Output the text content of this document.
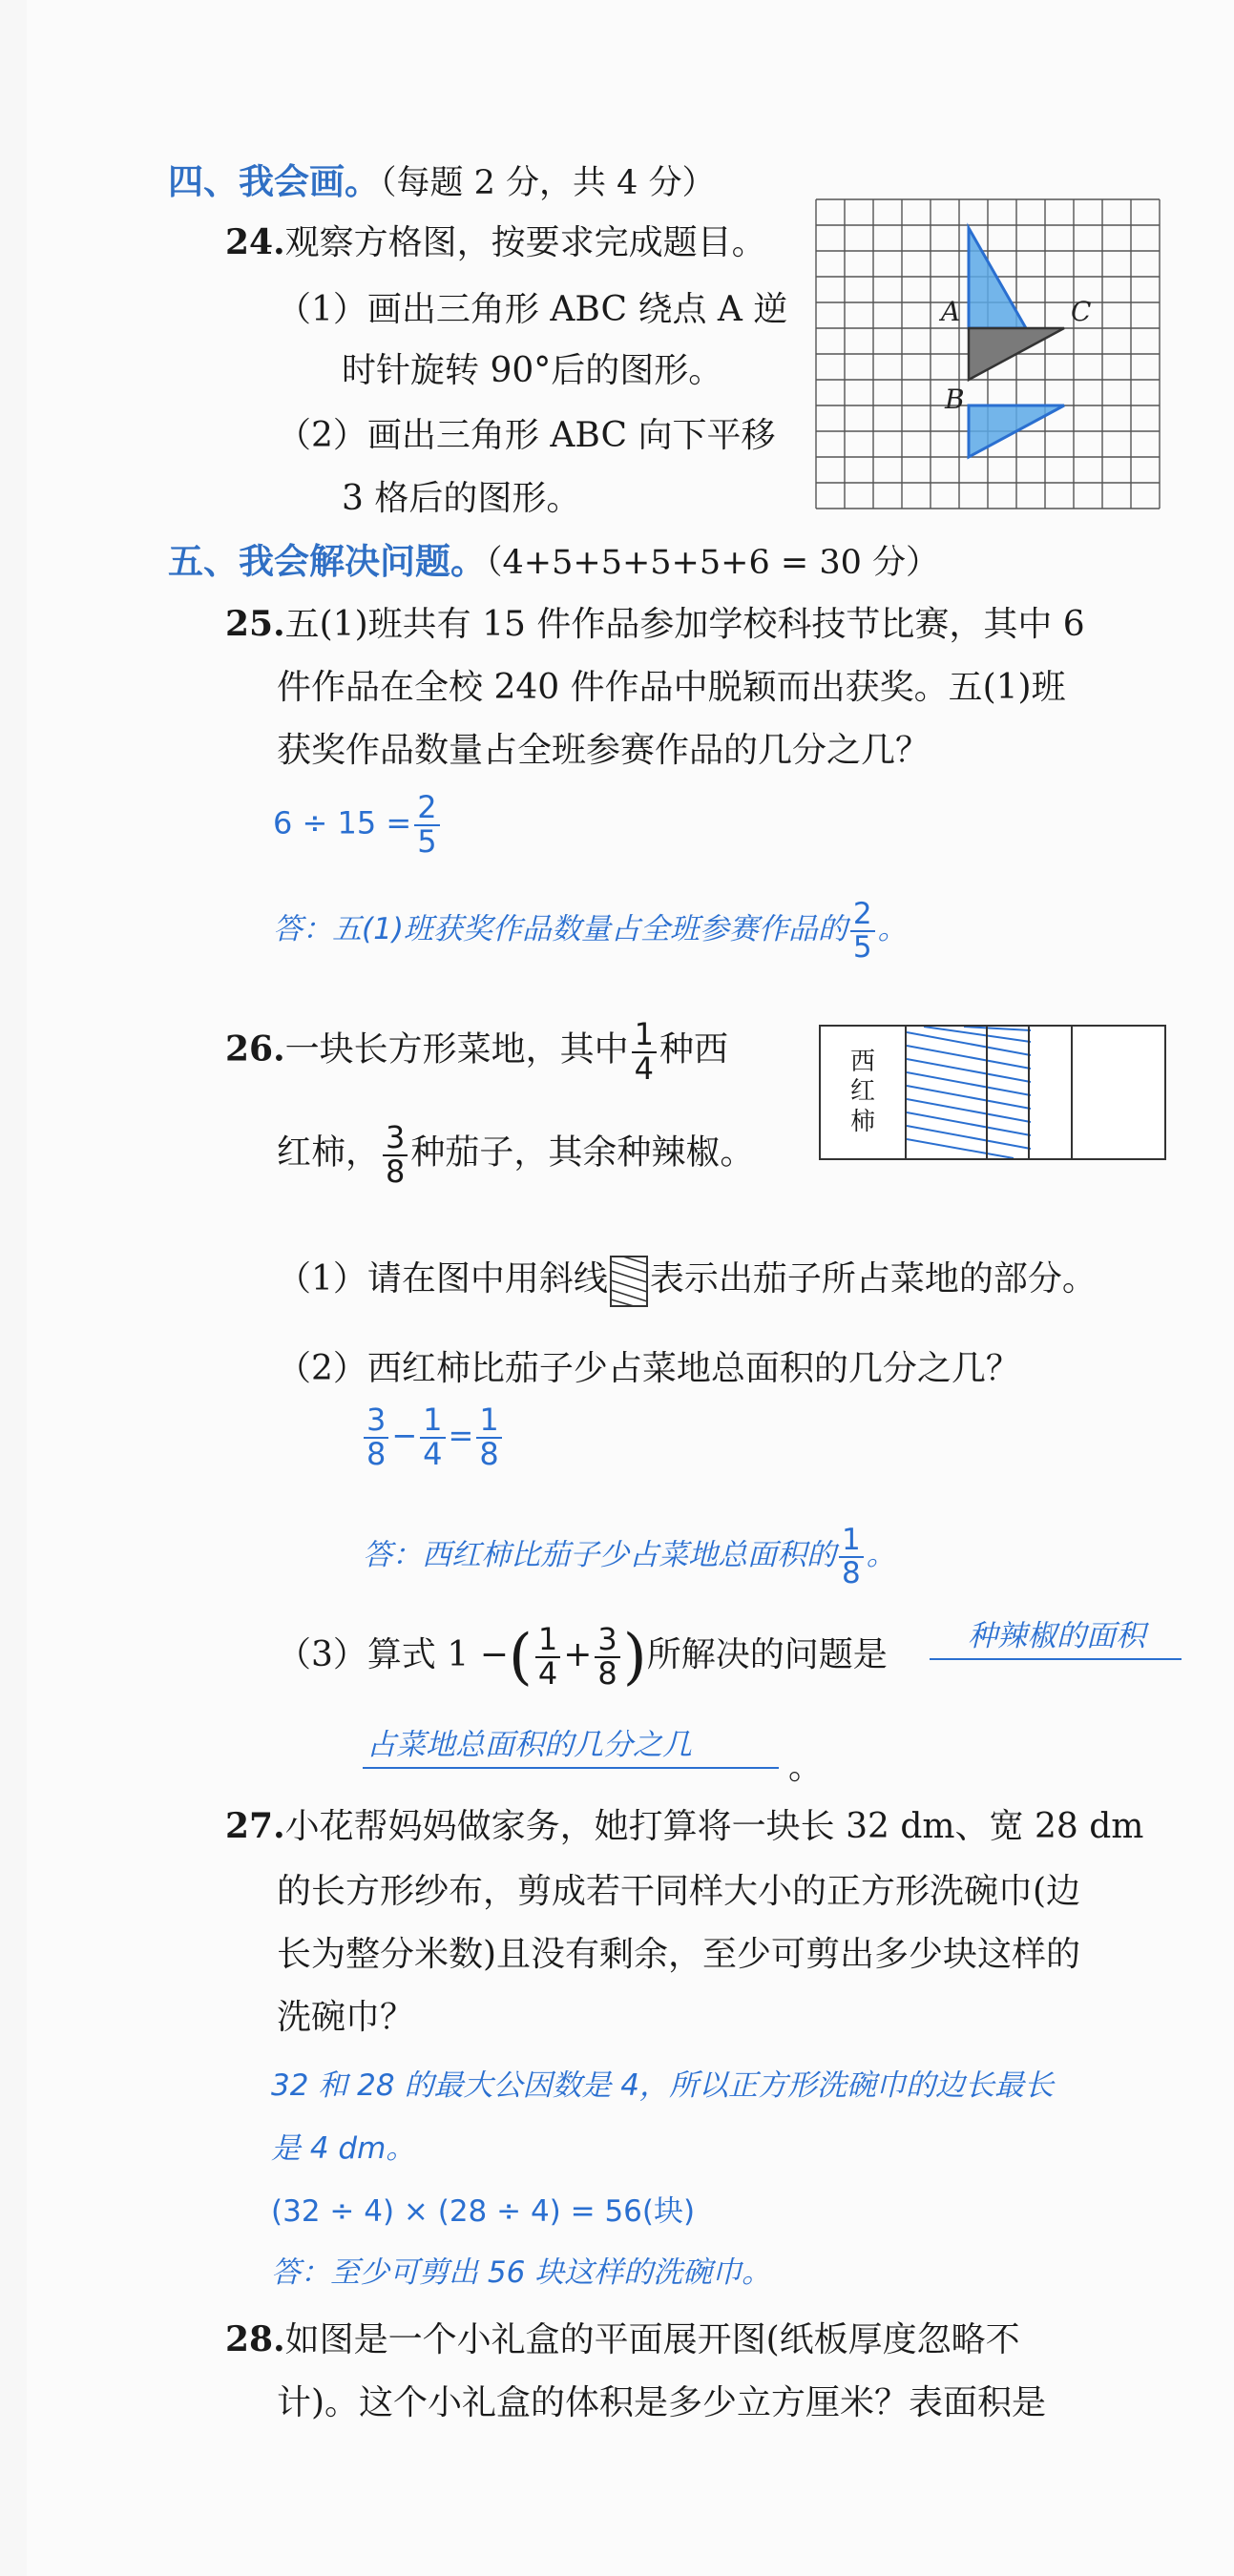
四、我会画。（每题 2 分，共 4 分）
24.观察方格图，按要求完成题目。
（1）画出三角形 ABC 绕点 A 逆
时针旋转 90°后的图形。
（2）画出三角形 ABC 向下平移
3 格后的图形。
A	C
B
五、我会解决问题。（4+5+5+5+5+6 = 30 分）
25.五(1)班共有 15 件作品参加学校科技节比赛，其中 6
件作品在全校 240 件作品中脱颖而出获奖。五(1)班
获奖作品数量占全班参赛作品的几分之几？
$6 \div 15 = \frac{2}{5}$
答：五(1)班获奖作品数量占全班参赛作品的 $\frac{2}{5}$ 。
26.一块长方形菜地，其中 $\frac{1}{4}$ 种西
红柿， $\frac{3}{8}$ 种茄子，其余种辣椒。
西
红
柿
（1）请在图中用斜线 表示出茄子所占菜地的部分。
（2）西红柿比茄子少占菜地总面积的几分之几？
$\frac{3}{8} - \frac{1}{4} = \frac{1}{8}$
答：西红柿比茄子少占菜地总面积的 $\frac{1}{8}$ 。
（3）算式 1 −( $\frac{1}{4} + \frac{3}{8}$ )所解决的问题是	种辣椒的面积
占菜地总面积的几分之几
。
27.小花帮妈妈做家务，她打算将一块长 32 dm、宽 28 dm
的长方形纱布，剪成若干同样大小的正方形洗碗巾(边
长为整分米数)且没有剩余，至少可剪出多少块这样的
洗碗巾？
32 和 28 的最大公因数是 4，所以正方形洗碗巾的边长最长
是 4 dm。
(32 ÷ 4) × (28 ÷ 4) = 56(块)
答：至少可剪出 56 块这样的洗碗巾。
28.如图是一个小礼盒的平面展开图(纸板厚度忽略不
计)。这个小礼盒的体积是多少立方厘米？表面积是
